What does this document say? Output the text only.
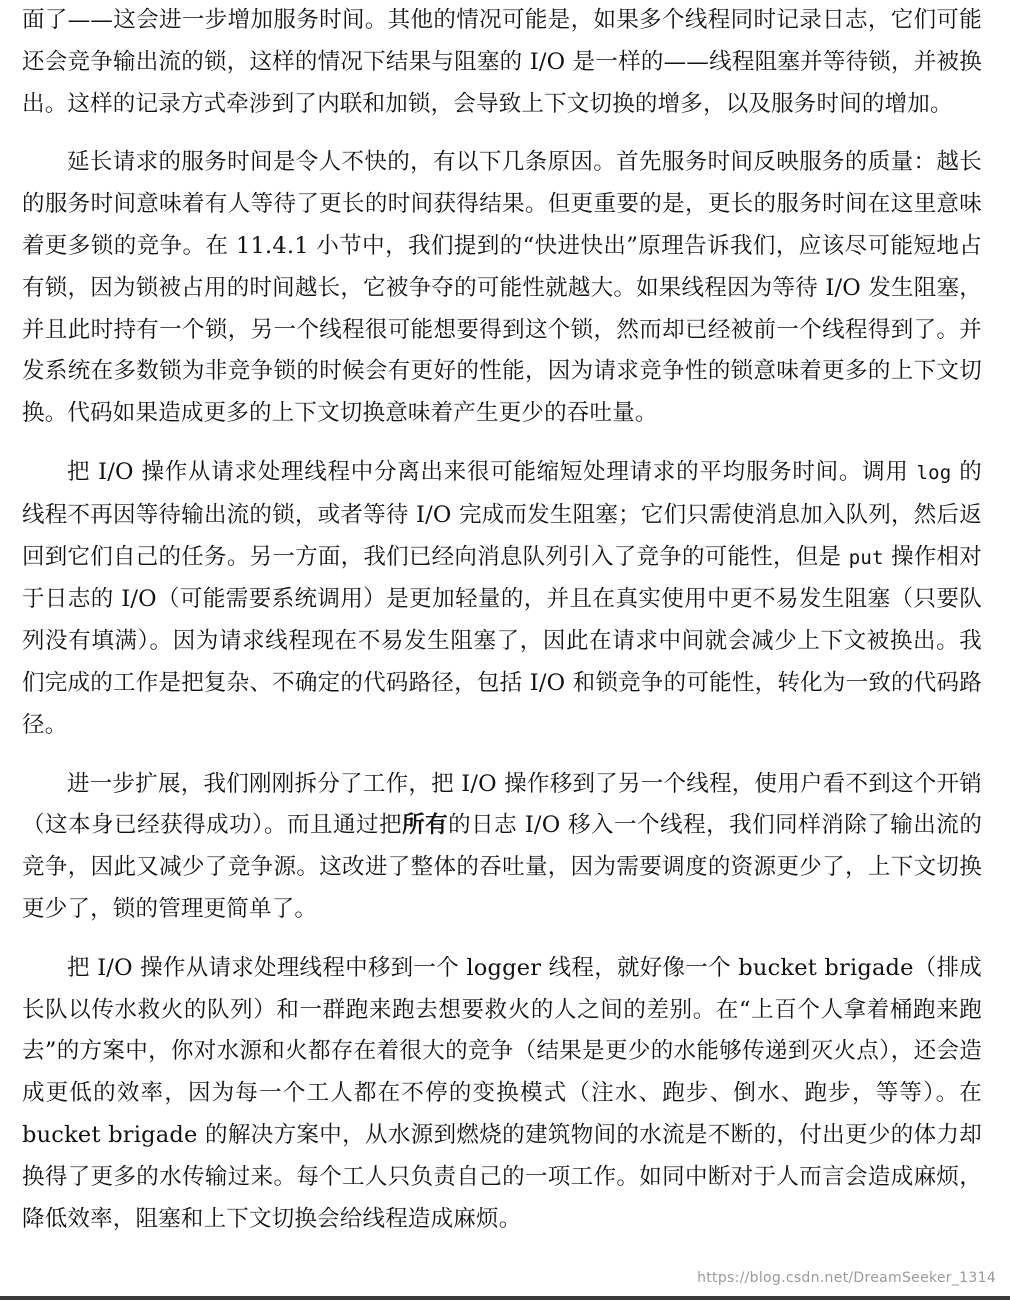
面了——这会进一步增加服务时间。其他的情况可能是，如果多个线程同时记录日志，它们可能还会竞争输出流的锁，这样的情况下结果与阻塞的 I/O 是一样的——线程阻塞并等待锁，并被换出。这样的记录方式牵涉到了内联和加锁，会导致上下文切换的增多，以及服务时间的增加。

延长请求的服务时间是令人不快的，有以下几条原因。首先服务时间反映服务的质量：越长的服务时间意味着有人等待了更长的时间获得结果。但更重要的是，更长的服务时间在这里意味着更多锁的竞争。在 11.4.1 小节中，我们提到的“快进快出”原理告诉我们，应该尽可能短地占有锁，因为锁被占用的时间越长，它被争夺的可能性就越大。如果线程因为等待 I/O 发生阻塞，并且此时持有一个锁，另一个线程很可能想要得到这个锁，然而却已经被前一个线程得到了。并发系统在多数锁为非竞争锁的时候会有更好的性能，因为请求竞争性的锁意味着更多的上下文切换。代码如果造成更多的上下文切换意味着产生更少的吞吐量。

把 I/O 操作从请求处理线程中分离出来很可能缩短处理请求的平均服务时间。调用 log 的线程不再因等待输出流的锁，或者等待 I/O 完成而发生阻塞；它们只需使消息加入队列，然后返回到它们自己的任务。另一方面，我们已经向消息队列引入了竞争的可能性，但是 put 操作相对于日志的 I/O（可能需要系统调用）是更加轻量的，并且在真实使用中更不易发生阻塞（只要队列没有填满）。因为请求线程现在不易发生阻塞了，因此在请求中间就会减少上下文被换出。我们完成的工作是把复杂、不确定的代码路径，包括 I/O 和锁竞争的可能性，转化为一致的代码路径。

进一步扩展，我们刚刚拆分了工作，把 I/O 操作移到了另一个线程，使用户看不到这个开销（这本身已经获得成功）。而且通过把所有的日志 I/O 移入一个线程，我们同样消除了输出流的竞争，因此又减少了竞争源。这改进了整体的吞吐量，因为需要调度的资源更少了，上下文切换更少了，锁的管理更简单了。

把 I/O 操作从请求处理线程中移到一个 logger 线程，就好像一个 bucket brigade（排成长队以传水救火的队列）和一群跑来跑去想要救火的人之间的差别。在“上百个人拿着桶跑来跑去”的方案中，你对水源和火都存在着很大的竞争（结果是更少的水能够传递到灭火点），还会造成更低的效率，因为每一个工人都在不停的变换模式（注水、跑步、倒水、跑步，等等）。在 bucket brigade 的解决方案中，从水源到燃烧的建筑物间的水流是不断的，付出更少的体力却换得了更多的水传输过来。每个工人只负责自己的一项工作。如同中断对于人而言会造成麻烦，降低效率，阻塞和上下文切换会给线程造成麻烦。

https://blog.csdn.net/DreamSeeker_1314
